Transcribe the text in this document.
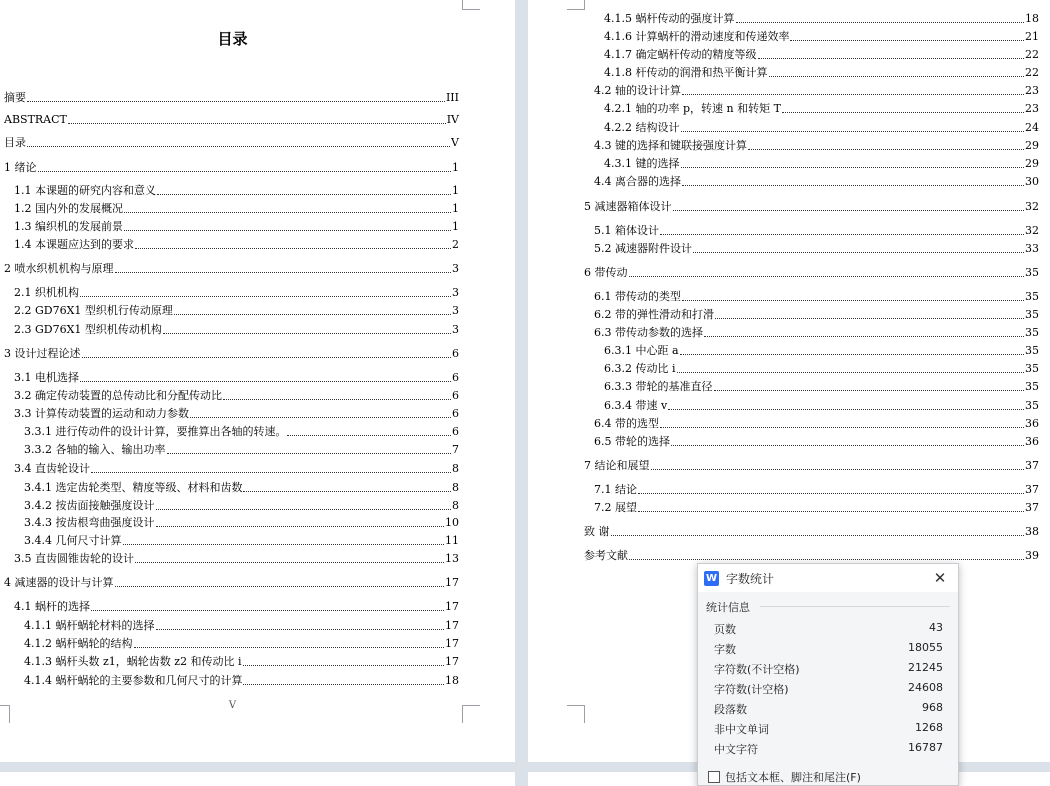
目录
摘要	III
ABSTRACT	IV
目录	V
1 绪论	1
1.1 本课题的研究内容和意义	1
1.2 国内外的发展概况	1
1.3 编织机的发展前景	1
1.4 本课题应达到的要求	2
2 喷水织机机构与原理	3
2.1 织机机构	3
2.2 GD76X1 型织机行传动原理	3
2.3 GD76X1 型织机传动机构	3
3 设计过程论述	6
3.1 电机选择	6
3.2 确定传动装置的总传动比和分配传动比	6
3.3 计算传动装置的运动和动力参数	6
3.3.1 进行传动件的设计计算，要推算出各轴的转速。	6
3.3.2 各轴的输入、输出功率	7
3.4 直齿轮设计	8
3.4.1 选定齿轮类型、精度等级、材料和齿数	8
3.4.2 按齿面接触强度设计	8
3.4.3 按齿根弯曲强度设计	10
3.4.4 几何尺寸计算	11
3.5 直齿圆锥齿轮的设计	13
4 减速器的设计与计算	17
4.1 蜗杆的选择	17
4.1.1 蜗杆蜗轮材料的选择	17
4.1.2 蜗杆蜗轮的结构	17
4.1.3 蜗杆头数 z1，蜗轮齿数 z2 和传动比 i	17
4.1.4 蜗杆蜗轮的主要参数和几何尺寸的计算	18
V
4.1.5 蜗杆传动的强度计算	18
4.1.6 计算蜗杆的滑动速度和传递效率	21
4.1.7 确定蜗杆传动的精度等级	22
4.1.8 杆传动的润滑和热平衡计算	22
4.2 轴的设计计算	23
4.2.1 轴的功率 p，转速 n 和转矩 T	23
4.2.2 结构设计	24
4.3 键的选择和键联接强度计算	29
4.3.1 键的选择	29
4.4 离合器的选择	30
5 减速器箱体设计	32
5.1 箱体设计	32
5.2 减速器附件设计	33
6 带传动	35
6.1 带传动的类型	35
6.2 带的弹性滑动和打滑	35
6.3 带传动参数的选择	35
6.3.1 中心距 a	35
6.3.2 传动比 i	35
6.3.3 带轮的基准直径	35
6.3.4 带速 v	35
6.4 带的选型	36
6.5 带轮的选择	36
7 结论和展望	37
7.1 结论	37
7.2 展望	37
致 谢	38
参考文献	39
W 字数统计	✕
统计信息
页数	43
字数	18055
字符数(不计空格)	21245
字符数(计空格)	24608
段落数	968
非中文单词	1268
中文字符	16787
包括文本框、脚注和尾注(F)
